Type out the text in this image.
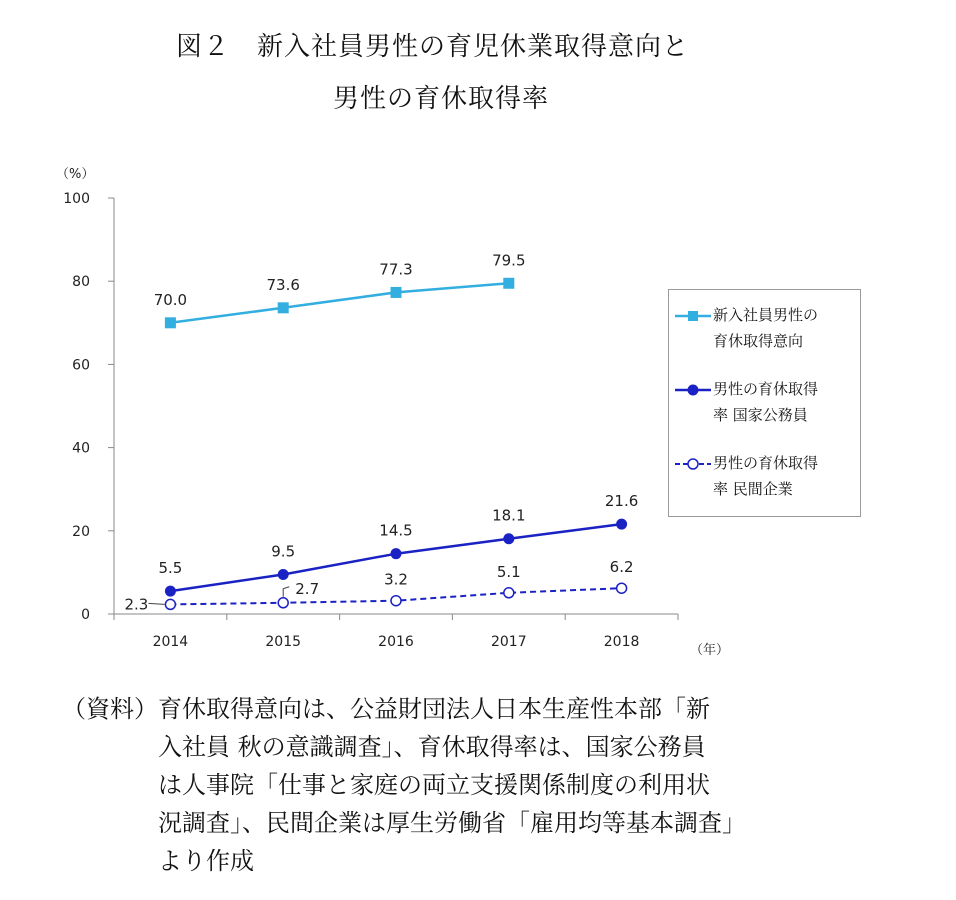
図２　新入社員男性の育児休業取得意向と
男性の育休取得率
0
20
40
60
80
100
2014	2015	2016	2017	2018
（%）
（年）
70.0
73.6
77.3
79.5
5.5
9.5
14.5
18.1
21.6
2.3
2.7
3.2	5.1	6.2
新入社員男性の
育休取得意向
男性の育休取得
率 国家公務員
男性の育休取得
率 民間企業
（資料）育休取得意向は、公益財団法人日本生産性本部「新
　　　　入社員 秋の意識調査」、育休取得率は、国家公務員
　　　　は人事院「仕事と家庭の両立支援関係制度の利用状
　　　　況調査」、民間企業は厚生労働省「雇用均等基本調査」
　　　　より作成
